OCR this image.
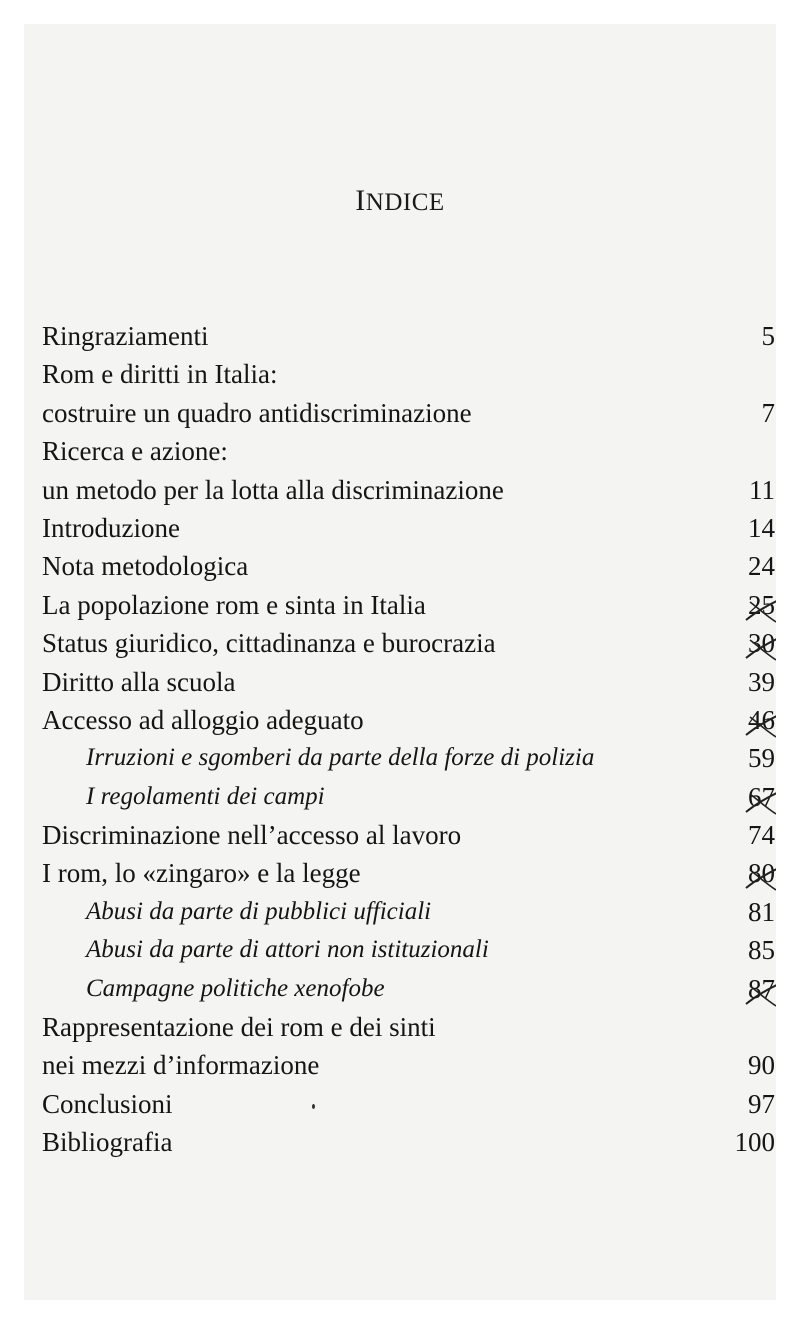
INDICE
Ringraziamenti	5
Rom e diritti in Italia:
costruire un quadro antidiscriminazione	7
Ricerca e azione:
un metodo per la lotta alla discriminazione	11
Introduzione	14
Nota metodologica	24
La popolazione rom e sinta in Italia	25
Status giuridico, cittadinanza e burocrazia	30
Diritto alla scuola	39
Accesso ad alloggio adeguato	46
Irruzioni e sgomberi da parte della forze di polizia	59
I regolamenti dei campi	67
Discriminazione nell’accesso al lavoro	74
I rom, lo «zingaro» e la legge	80
Abusi da parte di pubblici ufficiali	81
Abusi da parte di attori non istituzionali	85
Campagne politiche xenofobe	87
Rappresentazione dei rom e dei sinti
nei mezzi d’informazione	90
Conclusioni	97
Bibliografia	100
